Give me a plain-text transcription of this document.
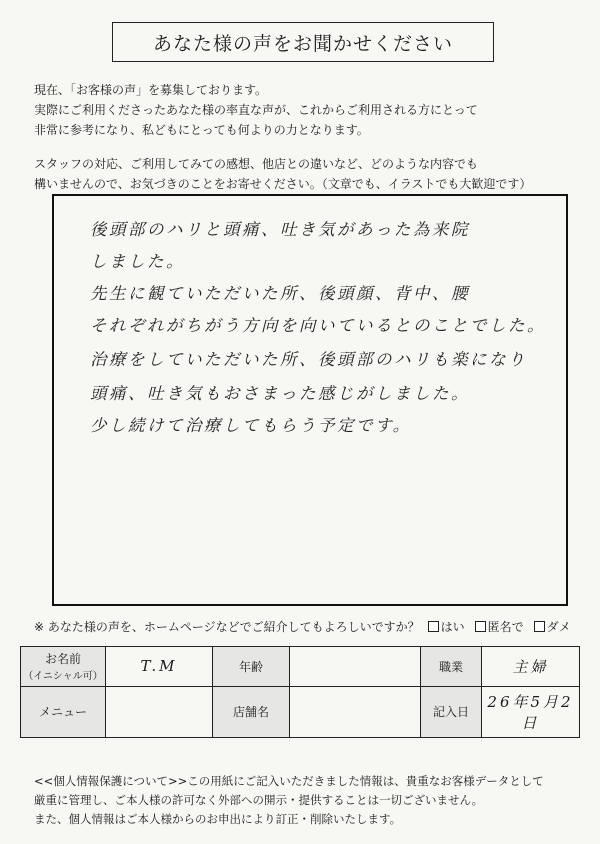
あなた様の声をお聞かせください

現在、「お客様の声」を募集しております。

実際にご利用くださったあなた様の率直な声が、これからご利用される方にとって

非常に参考になり、私どもにとっても何よりの力となります。

スタッフの対応、ご利用してみての感想、他店との違いなど、どのような内容でも

構いませんので、お気づきのことをお寄せください。（文章でも、イラストでも大歓迎です）

後頭部のハリと頭痛、吐き気があった為来院
しました。
先生に観ていただいた所、後頭顔、背中、腰
それぞれがちがう方向を向いているとのことでした。
治療をしていただいた所、後頭部のハリも楽になり
頭痛、吐き気もおさまった感じがしました。
少し続けて治療してもらう予定です。
※ あなた様の声を、ホームページなどでご紹介してもよろしいですか？ はい 匿名で ダメ
お名前
（イニシャル可）	T.M	年齢		職業	主婦
メニュー		店舗名		記入日	26年5月2日

<<個人情報保護について>>この用紙にご記入いただきました情報は、貴重なお客様データとして

厳重に管理し、ご本人様の許可なく外部への開示・提供することは一切ございません。

また、個人情報はご本人様からのお申出により訂正・削除いたします。
